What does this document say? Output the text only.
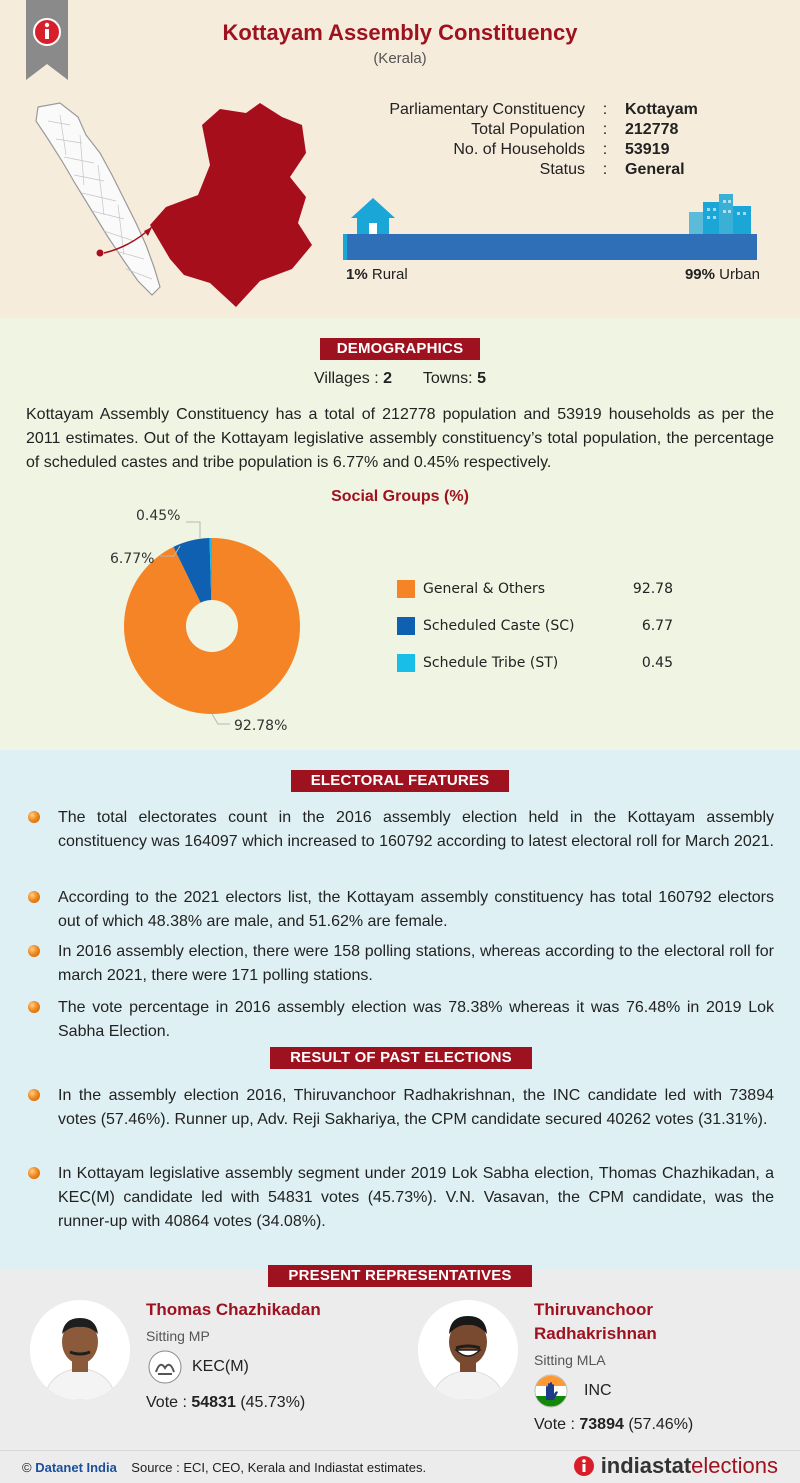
Kottayam Assembly Constituency
(Kerala)
Parliamentary Constituency	:	Kottayam
Total Population	:	212778
No. of Households	:	53919
Status	:	General
1% Rural	99% Urban
DEMOGRAPHICS
Villages : 2 Towns: 5
Kottayam Assembly Constituency has a total of 212778 population and 53919 households as per the 2011 estimates. Out of the Kottayam legislative assembly constituency’s total population, the percentage of scheduled castes and tribe population is 6.77% and 0.45% respectively.
Social Groups (%)
0.45%
6.77%
92.78%
General & Others	92.78
Scheduled Caste (SC)	6.77
Schedule Tribe (ST)	0.45
ELECTORAL FEATURES
The total electorates count in the 2016 assembly election held in the Kottayam assembly constituency was 164097 which increased to 160792 according to latest electoral roll for March 2021.
According to the 2021 electors list, the Kottayam assembly constituency has total 160792 electors out of which 48.38% are male, and 51.62% are female.
In 2016 assembly election, there were 158 polling stations, whereas according to the electoral roll for march 2021, there were 171 polling stations.
The vote percentage in 2016 assembly election was 78.38% whereas it was 76.48% in 2019 Lok Sabha Election.
RESULT OF PAST ELECTIONS
In the assembly election 2016, Thiruvanchoor Radhakrishnan, the INC candidate led with 73894 votes (57.46%). Runner up, Adv. Reji Sakhariya, the CPM candidate secured 40262 votes (31.31%).
In Kottayam legislative assembly segment under 2019 Lok Sabha election, Thomas Chazhikadan, a KEC(M) candidate led with 54831 votes (45.73%). V.N. Vasavan, the CPM candidate, was the runner-up with 40864 votes (34.08%).
PRESENT REPRESENTATIVES
Thomas Chazhikadan
Sitting MP
KEC(M)
Vote : 54831 (45.73%)
Thiruvanchoor
Radhakrishnan
Sitting MLA
INC
Vote : 73894 (57.46%)
© Datanet India Source : ECI, CEO, Kerala and Indiastat estimates.	indiastat elections
